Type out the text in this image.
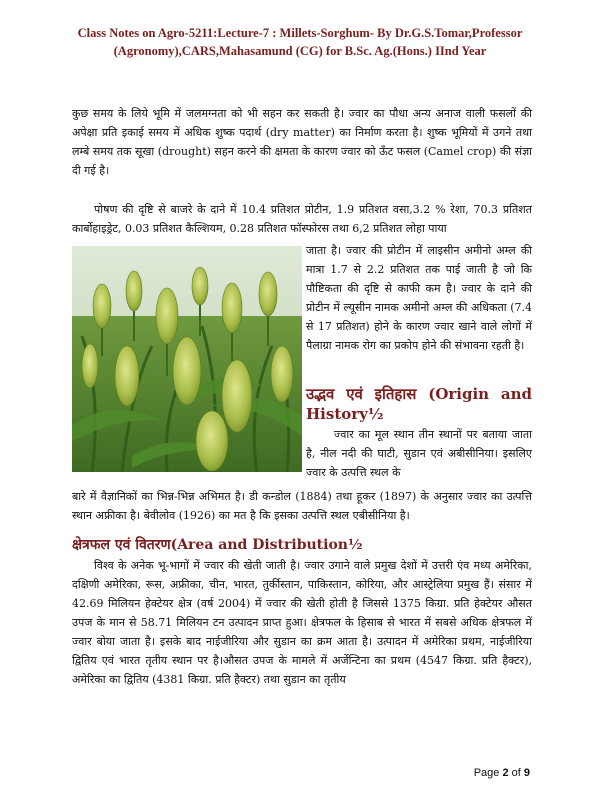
Class Notes on Agro-5211:Lecture-7 : Millets-Sorghum- By Dr.G.S.Tomar,Professor
(Agronomy),CARS,Mahasamund (CG) for B.Sc. Ag.(Hons.) IInd Year
कुछ समय के लिये भूमि में जलमग्नता को भी सहन कर सकती है। ज्वार का पौधा अन्य अनाज वाली फसलों की अपेक्षा प्रति इकाई समय में अधिक शुष्क पदार्थ (dry matter) का निर्माण करता है। शुष्क भूमियों में उगने तथा लम्बे समय तक सूखा (drought) सहन करने की क्षमता के कारण ज्वार को ऊँट फसल (Camel crop) की संज्ञा दी गई है।
पोषण की दृष्टि से बाजरे के दाने में 10.4 प्रतिशत प्रोटीन, 1.9 प्रतिशत वसा,3.2 % रेशा, 70.3 प्रतिशत कार्बोहाइड्रेट, 0.03 प्रतिशत कैल्शियम, 0.28 प्रतिशत फॉस्फोरस तथा 6,2 प्रतिशत लोहा पाया
जाता है। ज्वार की प्रोटीन में लाइसीन अमीनो अम्ल की मात्रा 1.7 से 2.2 प्रतिशत तक पाई जाती है जो कि पौष्टिकता की दृष्टि से काफी कम है। ज्वार के दाने की प्रोटीन में ल्यूसीन नामक अमीनो अम्ल की अधिकता (7.4 से 17 प्रतिशत) होने के कारण ज्वार खाने वाले लोगों में पैलाग्रा नामक रोग का प्रकोप होने की संभावना रहती है।
उद्भव एवं इतिहास (Origin and History½
ज्वार का मूल स्थान तीन स्थानों पर बताया जाता है, नील नदी की घाटी, सुडान एवं अबीसीनिया। इसलिए ज्वार के उत्पत्ति स्थल के
बारे में वैज्ञानिकों का भिन्न-भिन्न अभिमत है। डी कन्डोल (1884) तथा हूकर (1897) के अनुसार ज्वार का उत्पत्ति स्थान अफ्रीका है। बेवीलोव (1926) का मत है कि इसका उत्पत्ति स्थल एबीसीनिया है।
क्षेत्रफल एवं वितरण(Area and Distribution½
विश्व के अनेक भू-भागों में ज्वार की खेती जाती है। ज्वार उगाने वाले प्रमुख देशों में उत्तरी एंव मध्य अमेरिका, दक्षिणी अमेरिका, रूस, अफ्रीका, चीन, भारत, तुर्कीस्तान, पाकिस्तान, कोरिया, और आस्ट्रेलिया प्रमुख हैं। संसार में 42.69 मिलियन हेक्टेयर क्षेत्र (वर्ष 2004) में ज्वार की खेती होती है जिससे 1375 किग्रा. प्रति हेक्टेयर औसत उपज के मान से 58.71 मिलियन टन उत्पादन प्राप्त हुआ। क्षेत्रफल के हिसाब से भारत में सबसे अधिक क्षेत्रफल में ज्वार बोया जाता है। इसके बाद नाईजीरिया और सुडान का क्रम आता है। उत्पादन में अमेरिका प्रथम, नाईजीरिया द्वितिय एवं भारत तृतीय स्थान पर है।औसत उपज के मामले में अर्जेन्टिना का प्रथम (4547 किग्रा. प्रति हैक्टर), अमेरिका का द्वितिय (4381 किग्रा. प्रति हैक्टर) तथा सुडान का तृतीय
Page 2 of 9
